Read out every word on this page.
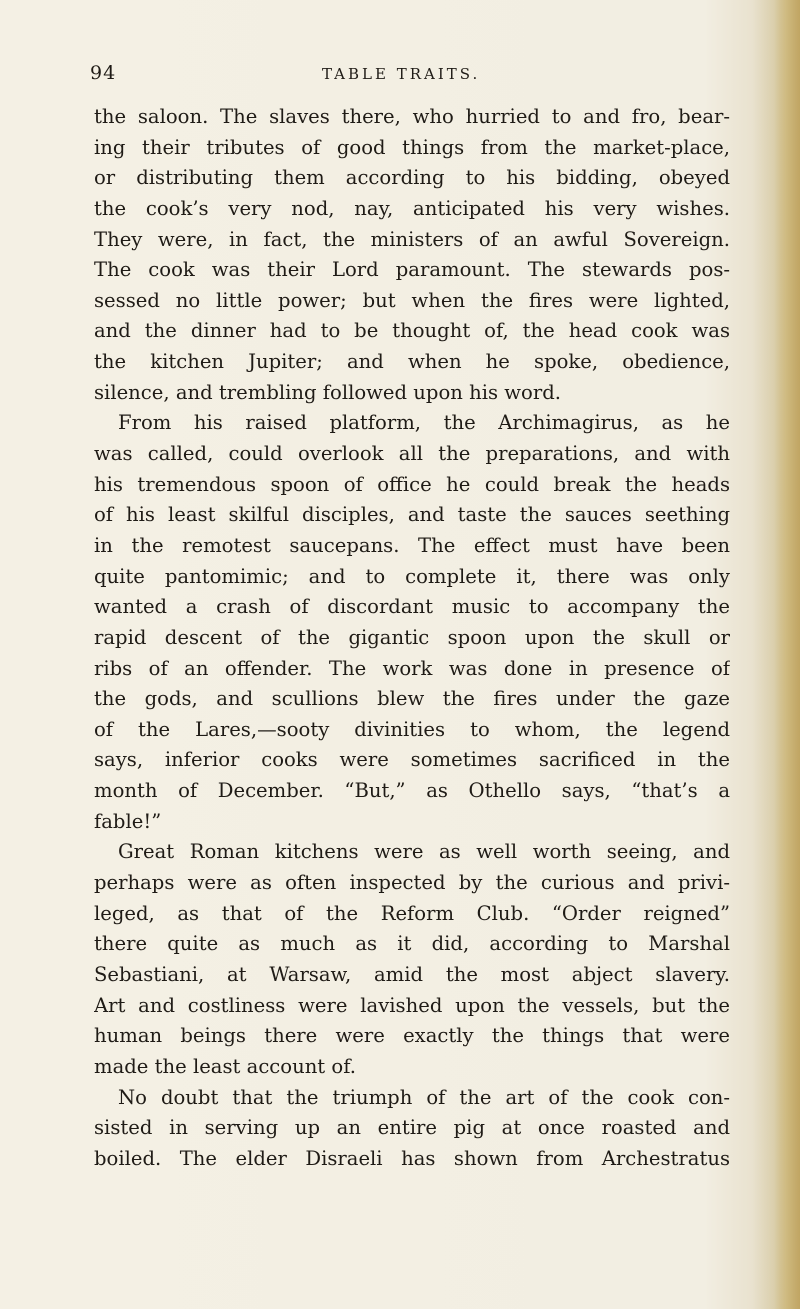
94	TABLE TRAITS.
the saloon. The slaves there, who hurried to and fro, bear-
ing their tributes of good things from the market-place,
or distributing them according to his bidding, obeyed
the cook’s very nod, nay, anticipated his very wishes.
They were, in fact, the ministers of an awful Sovereign.
The cook was their Lord paramount. The stewards pos-
sessed no little power; but when the fires were lighted,
and the dinner had to be thought of, the head cook was
the kitchen Jupiter; and when he spoke, obedience,
silence, and trembling followed upon his word.
From his raised platform, the Archimagirus, as he
was called, could overlook all the preparations, and with
his tremendous spoon of office he could break the heads
of his least skilful disciples, and taste the sauces seething
in the remotest saucepans. The effect must have been
quite pantomimic; and to complete it, there was only
wanted a crash of discordant music to accompany the
rapid descent of the gigantic spoon upon the skull or
ribs of an offender. The work was done in presence of
the gods, and scullions blew the fires under the gaze
of the Lares,—sooty divinities to whom, the legend
says, inferior cooks were sometimes sacrificed in the
month of December. “But,” as Othello says, “that’s a
fable!”
Great Roman kitchens were as well worth seeing, and
perhaps were as often inspected by the curious and privi-
leged, as that of the Reform Club. “Order reigned”
there quite as much as it did, according to Marshal
Sebastiani, at Warsaw, amid the most abject slavery.
Art and costliness were lavished upon the vessels, but the
human beings there were exactly the things that were
made the least account of.
No doubt that the triumph of the art of the cook con-
sisted in serving up an entire pig at once roasted and
boiled. The elder Disraeli has shown from Archestratus
